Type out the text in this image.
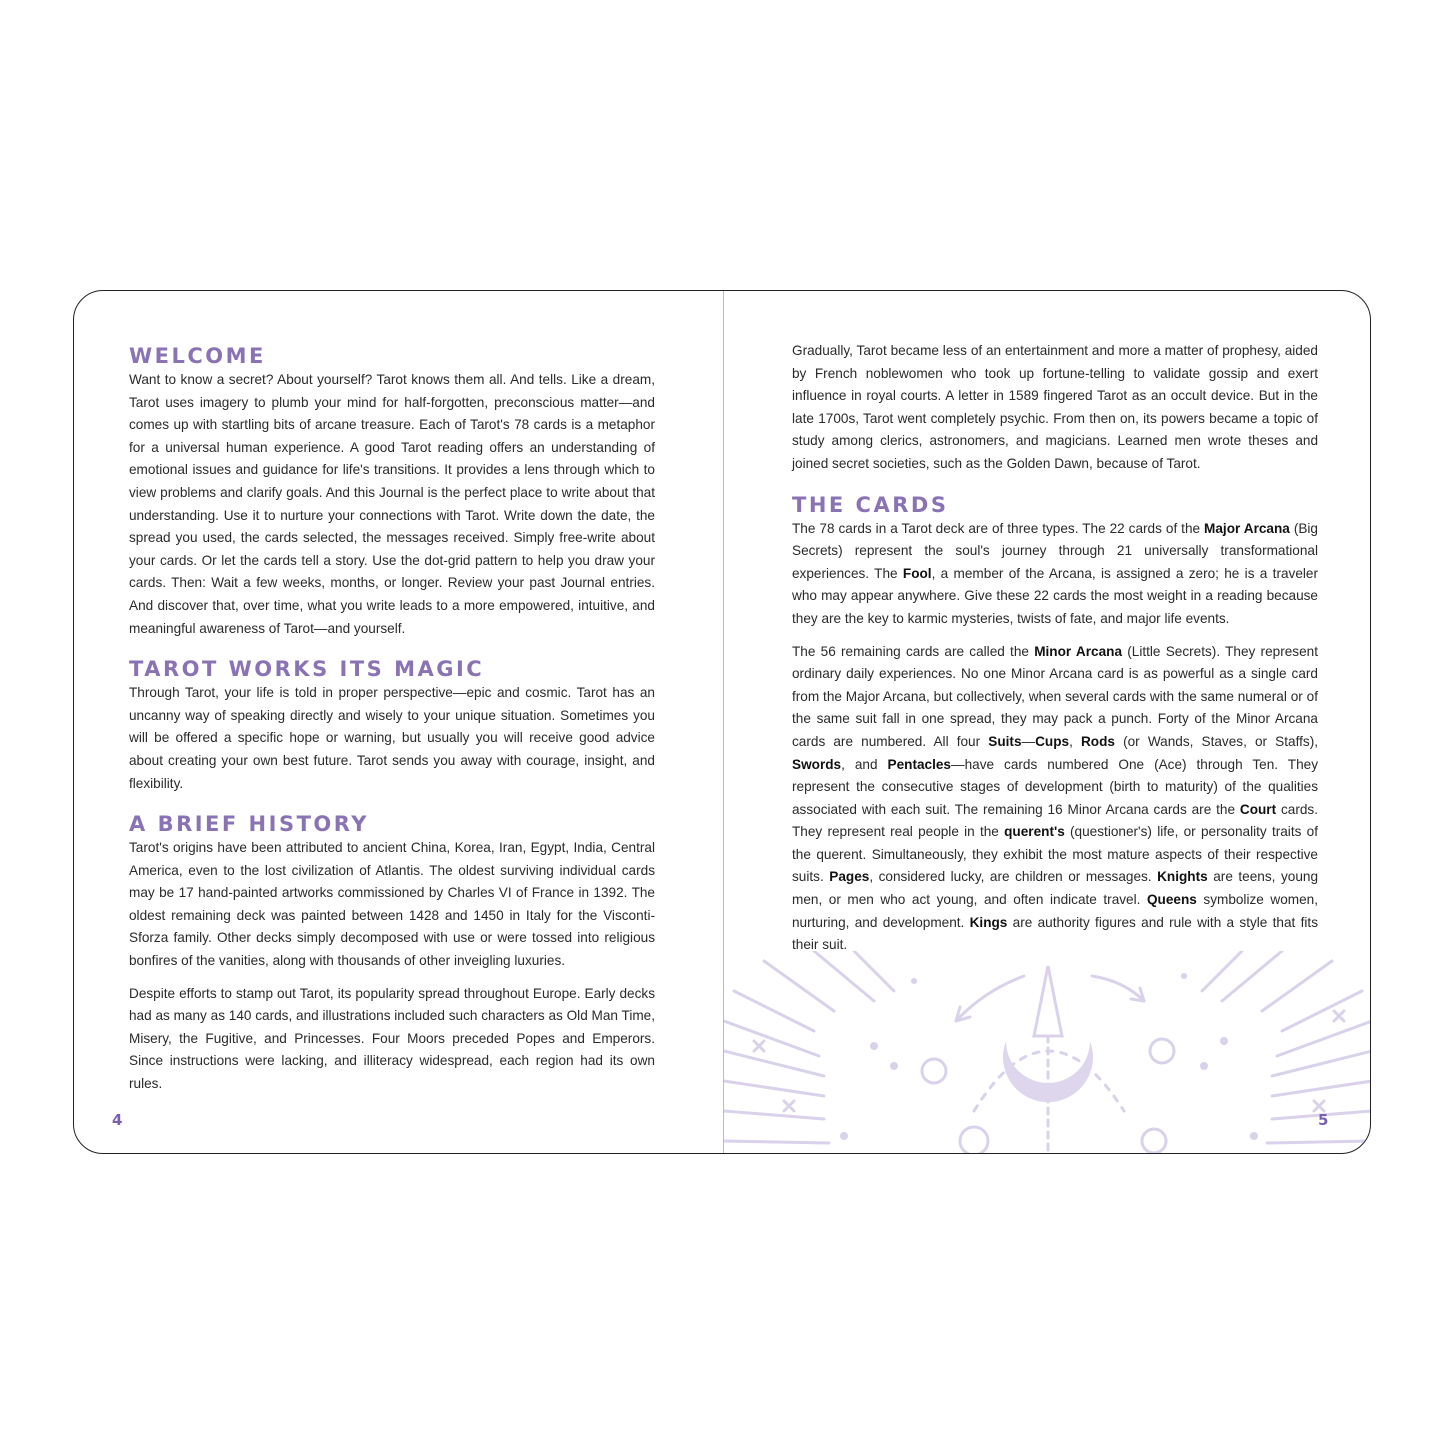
WELCOME

Want to know a secret? About yourself? Tarot knows them all. And tells. Like a dream, Tarot uses imagery to plumb your mind for half-forgotten, preconscious matter—and comes up with startling bits of arcane treasure. Each of Tarot's 78 cards is a metaphor for a universal human experience. A good Tarot reading offers an understanding of emotional issues and guidance for life's transitions. It provides a lens through which to view problems and clarify goals. And this Journal is the perfect place to write about that understanding. Use it to nurture your connections with Tarot. Write down the date, the spread you used, the cards selected, the messages received. Simply free-write about your cards. Or let the cards tell a story. Use the dot-grid pattern to help you draw your cards. Then: Wait a few weeks, months, or longer. Review your past Journal entries. And discover that, over time, what you write leads to a more empowered, intuitive, and meaningful awareness of Tarot—and yourself.

TAROT WORKS ITS MAGIC

Through Tarot, your life is told in proper perspective—epic and cosmic. Tarot has an uncanny way of speaking directly and wisely to your unique situation. Sometimes you will be offered a specific hope or warning, but usually you will receive good advice about creating your own best future. Tarot sends you away with courage, insight, and flexibility.

A BRIEF HISTORY

Tarot's origins have been attributed to ancient China, Korea, Iran, Egypt, India, Central America, even to the lost civilization of Atlantis. The oldest surviving individual cards may be 17 hand-painted artworks commissioned by Charles VI of France in 1392. The oldest remaining deck was painted between 1428 and 1450 in Italy for the Visconti-Sforza family. Other decks simply decomposed with use or were tossed into religious bonfires of the vanities, along with thousands of other inveigling luxuries.

Despite efforts to stamp out Tarot, its popularity spread throughout Europe. Early decks had as many as 140 cards, and illustrations included such characters as Old Man Time, Misery, the Fugitive, and Princesses. Four Moors preceded Popes and Emperors. Since instructions were lacking, and illiteracy widespread, each region had its own rules.

4

Gradually, Tarot became less of an entertainment and more a matter of prophesy, aided by French noblewomen who took up fortune-telling to validate gossip and exert influence in royal courts. A letter in 1589 fingered Tarot as an occult device. But in the late 1700s, Tarot went completely psychic. From then on, its powers became a topic of study among clerics, astronomers, and magicians. Learned men wrote theses and joined secret societies, such as the Golden Dawn, because of Tarot.

THE CARDS

The 78 cards in a Tarot deck are of three types. The 22 cards of the Major Arcana (Big Secrets) represent the soul's journey through 21 universally transformational experiences. The Fool, a member of the Arcana, is assigned a zero; he is a traveler who may appear anywhere. Give these 22 cards the most weight in a reading because they are the key to karmic mysteries, twists of fate, and major life events.

The 56 remaining cards are called the Minor Arcana (Little Secrets). They represent ordinary daily experiences. No one Minor Arcana card is as powerful as a single card from the Major Arcana, but collectively, when several cards with the same numeral or of the same suit fall in one spread, they may pack a punch. Forty of the Minor Arcana cards are numbered. All four Suits—Cups, Rods (or Wands, Staves, or Staffs), Swords, and Pentacles—have cards numbered One (Ace) through Ten. They represent the consecutive stages of development (birth to maturity) of the qualities associated with each suit. The remaining 16 Minor Arcana cards are the Court cards. They represent real people in the querent's (questioner's) life, or personality traits of the querent. Simultaneously, they exhibit the most mature aspects of their respective suits. Pages, considered lucky, are children or messages. Knights are teens, young men, or men who act young, and often indicate travel. Queens symbolize women, nurturing, and development. Kings are authority figures and rule with a style that fits their suit.

5
